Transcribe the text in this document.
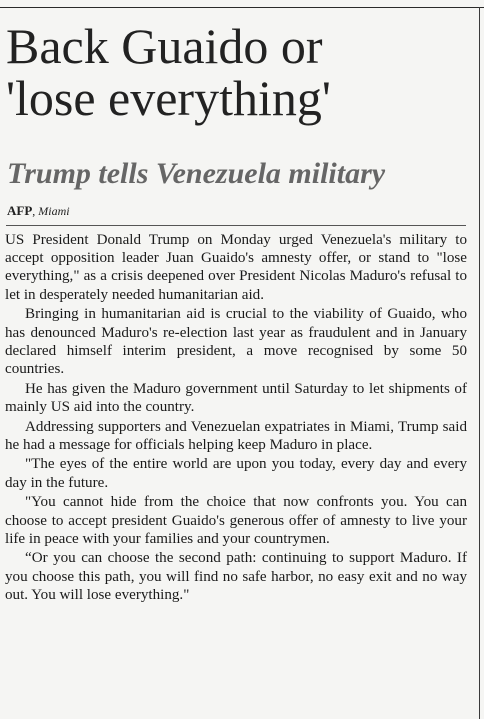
Back Guaido or
'lose everything'
Trump tells Venezuela military
AFP, Miami

US President Donald Trump on Monday urged Venezuela's military to accept opposition leader Juan Guaido's amnesty offer, or stand to "lose everything," as a crisis deepened over President Nicolas Maduro's refusal to let in desperately needed humanitarian aid.

Bringing in humanitarian aid is crucial to the viability of Guaido, who has denounced Maduro's re-election last year as fraudulent and in January declared himself interim president, a move recognised by some 50 countries.

He has given the Maduro government until Saturday to let shipments of mainly US aid into the country.

Addressing supporters and Venezuelan expatriates in Miami, Trump said he had a message for officials helping keep Maduro in place.

"The eyes of the entire world are upon you today, every day and every day in the future.

"You cannot hide from the choice that now confronts you. You can choose to accept president Guaido's generous offer of amnesty to live your life in peace with your families and your countrymen.

“Or you can choose the second path: continuing to support Maduro. If you choose this path, you will find no safe harbor, no easy exit and no way out. You will lose everything."
